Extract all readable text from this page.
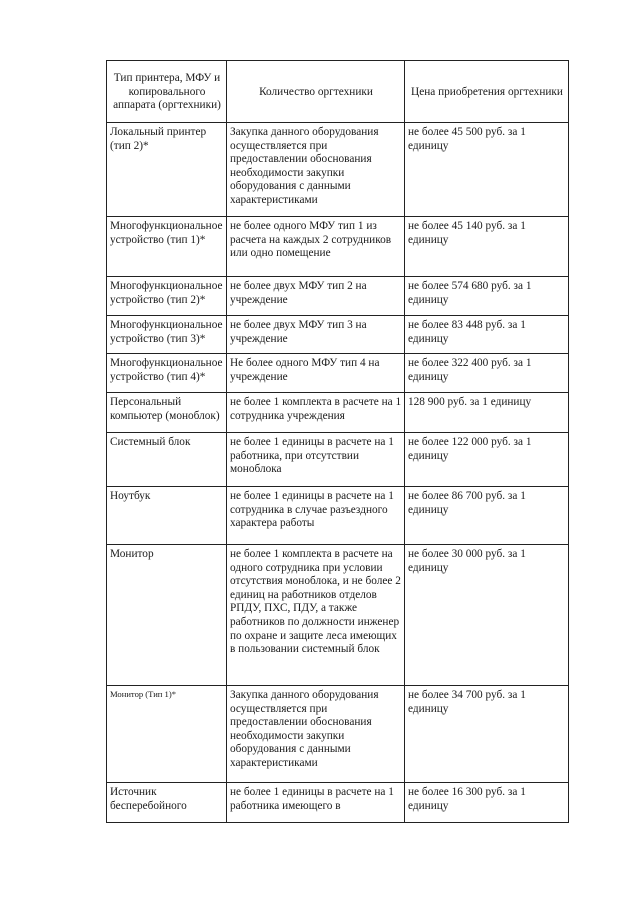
Тип принтера, МФУ и копировального аппарата (оргтехники)	Количество оргтехники	Цена приобретения оргтехники
Локальный принтер (тип 2)*	Закупка данного оборудования осуществляется при предоставлении обоснования необходимости закупки оборудования с данными характеристиками	не более 45 500 руб. за 1 единицу
Многофункциональное устройство (тип 1)*	не более одного МФУ тип 1 из расчета на каждых 2 сотрудников или одно помещение	не более 45 140 руб. за 1 единицу
Многофункциональное устройство (тип 2)*	не более двух МФУ тип 2 на учреждение	не более 574 680 руб. за 1 единицу
Многофункциональное устройство (тип 3)*	не более двух МФУ тип 3 на учреждение	не более 83 448 руб. за 1 единицу
Многофункциональное устройство (тип 4)*	Не более одного МФУ тип 4 на учреждение	не более 322 400 руб. за 1 единицу
Персональный компьютер (моноблок)	не более 1 комплекта в расчете на 1 сотрудника учреждения	128 900 руб. за 1 единицу
Системный блок	не более 1 единицы в расчете на 1 работника, при отсутствии моноблока	не более 122 000 руб. за 1 единицу
Ноутбук	не более 1 единицы в расчете на 1 сотрудника в случае разъездного характера работы	не более 86 700 руб. за 1 единицу
Монитор	не более 1 комплекта в расчете на одного сотрудника при условии отсутствия моноблока, и не более 2 единиц на работников отделов РПДУ, ПХС, ПДУ, а также работников по должности инженер по охране и защите леса имеющих в пользовании системный блок	не более 30 000 руб. за 1 единицу
Монитор (Тип 1)*	Закупка данного оборудования осуществляется при предоставлении обоснования необходимости закупки оборудования с данными характеристиками	не более 34 700 руб. за 1 единицу
Источник бесперебойного	не более 1 единицы в расчете на 1 работника имеющего в	не более 16 300 руб. за 1 единицу
